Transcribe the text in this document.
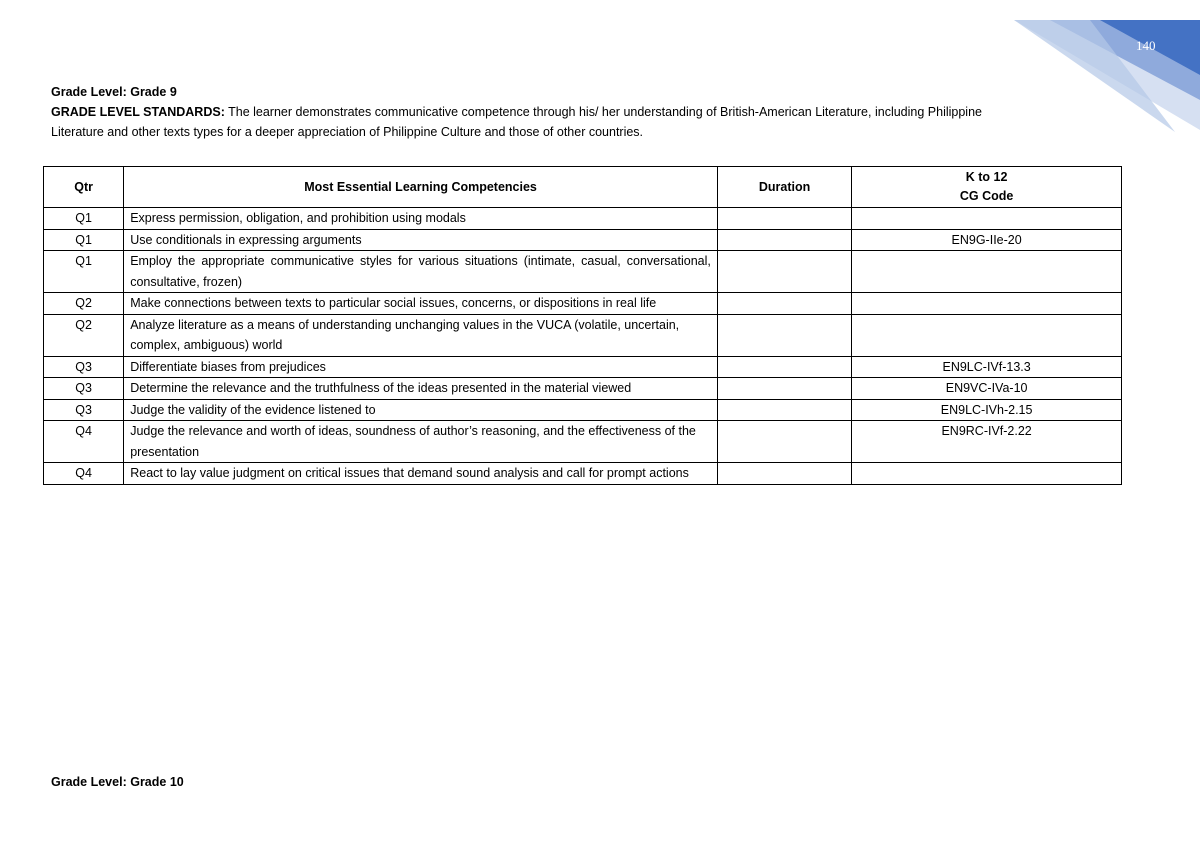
140
Grade Level: Grade 9
GRADE LEVEL STANDARDS: The learner demonstrates communicative competence through his/ her understanding of British-American Literature, including Philippine Literature and other texts types for a deeper appreciation of Philippine Culture and those of other countries.
Qtr	Most Essential Learning Competencies	Duration	K to 12
CG Code

Q1	Express permission, obligation, and prohibition using modals		
Q1	Use conditionals in expressing arguments		EN9G-IIe-20
Q1	Employ the appropriate communicative styles for various situations (intimate, casual, conversational, consultative, frozen)		
Q2	Make connections between texts to particular social issues, concerns, or dispositions in real life		
Q2	Analyze literature as a means of understanding unchanging values in the VUCA (volatile, uncertain, complex, ambiguous) world		
Q3	Differentiate biases from prejudices		EN9LC-IVf-13.3
Q3	Determine the relevance and the truthfulness of the ideas presented in the material viewed		EN9VC-IVa-10
Q3	Judge the validity of the evidence listened to		EN9LC-IVh-2.15
Q4	Judge the relevance and worth of ideas, soundness of author’s reasoning, and the effectiveness of the presentation		EN9RC-IVf-2.22
Q4	React to lay value judgment on critical issues that demand sound analysis and call for prompt actions		
Grade Level: Grade 10
